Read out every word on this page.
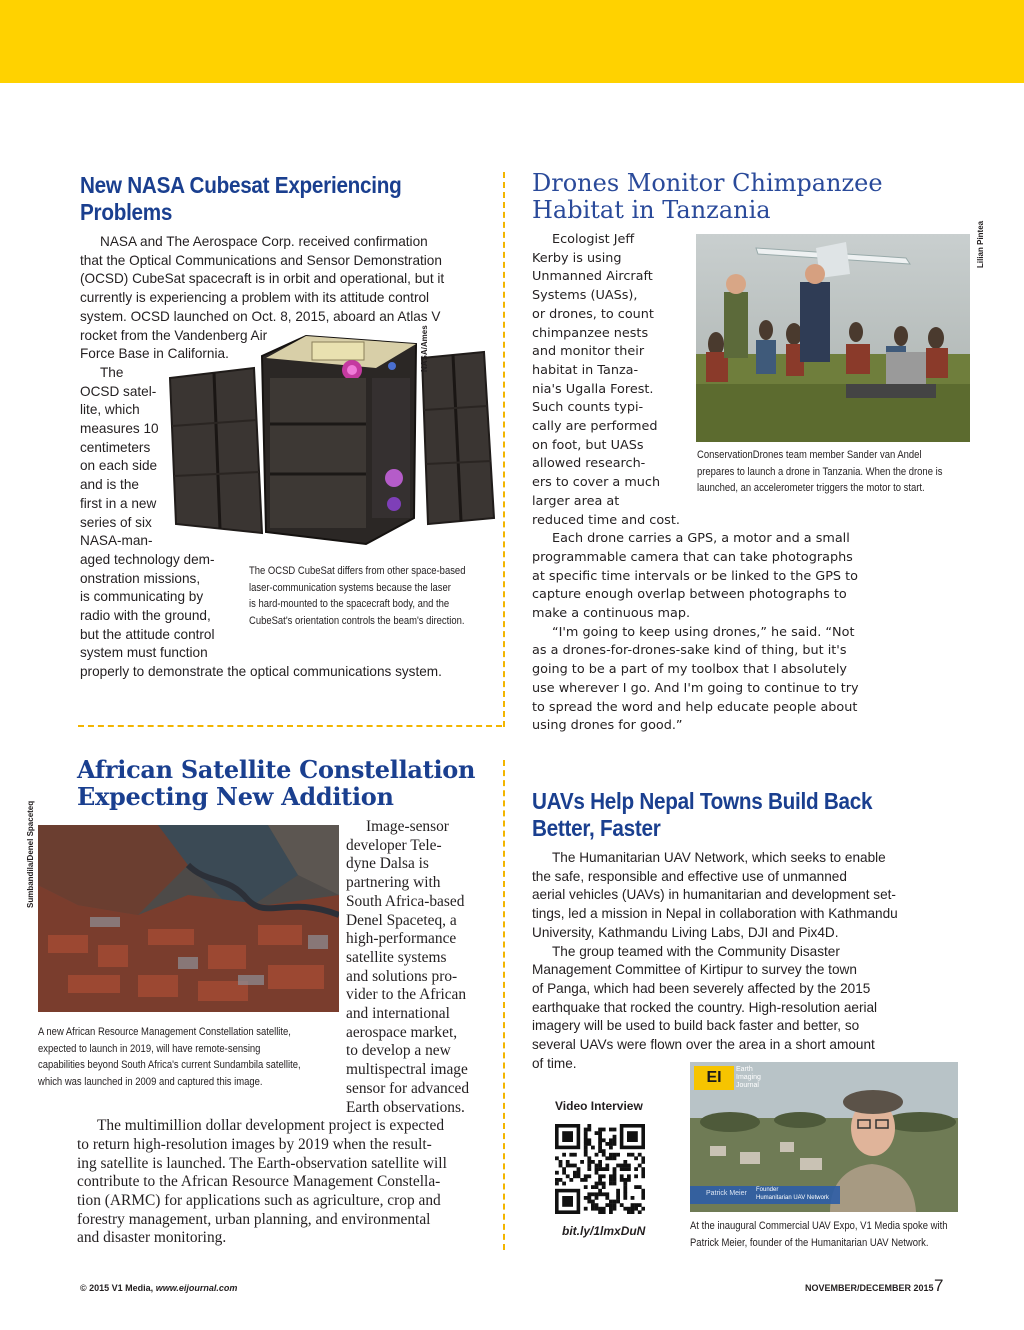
New NASA Cubesat Experiencing
Problems
NASA and The Aerospace Corp. received confirmation
that the Optical Communications and Sensor Demonstration
(OCSD) CubeSat spacecraft is in orbit and operational, but it
currently is experiencing a problem with its attitude control
system. OCSD launched on Oct. 8, 2015, aboard an Atlas V
rocket from the Vandenberg Air
Force Base in California.
The
OCSD satel-
lite, which
measures 10
centimeters
on each side
and is the
first in a new
series of six
NASA-man-
aged technology dem-
onstration missions,
is communicating by
radio with the ground,
but the attitude control
system must function
properly to demonstrate the optical communications system.
NASA/Ames
The OCSD CubeSat differs from other space-based
laser-communication systems because the laser
is hard-mounted to the spacecraft body, and the
CubeSat's orientation controls the beam's direction.
Drones Monitor Chimpanzee
Habitat in Tanzania
Ecologist Jeff
Kerby is using
Unmanned Aircraft
Systems (UASs),
or drones, to count
chimpanzee nests
and monitor their
habitat in Tanza-
nia's Ugalla Forest.
Such counts typi-
cally are performed
on foot, but UASs
allowed research-
ers to cover a much
larger area at
reduced time and cost.
Each drone carries a GPS, a motor and a small
programmable camera that can take photographs
at specific time intervals or be linked to the GPS to
capture enough overlap between photographs to
make a continuous map.
“I'm going to keep using drones,” he said. “Not
as a drones-for-drones-sake kind of thing, but it's
going to be a part of my toolbox that I absolutely
use wherever I go. And I'm going to continue to try
to spread the word and help educate people about
using drones for good.”
Lilian Pintea
ConservationDrones team member Sander van Andel
prepares to launch a drone in Tanzania. When the drone is
launched, an accelerometer triggers the motor to start.
African Satellite Constellation
Expecting New Addition
Image-sensor
developer Tele-
dyne Dalsa is
partnering with
South Africa-based
Denel Spaceteq, a
high-performance
satellite systems
and solutions pro-
vider to the African
and international
aerospace market,
to develop a new
multispectral image
sensor for advanced
Earth observations.
The multimillion dollar development project is expected
to return high-resolution images by 2019 when the result-
ing satellite is launched. The Earth-observation satellite will
contribute to the African Resource Management Constella-
tion (ARMC) for applications such as agriculture, crop and
forestry management, urban planning, and environmental
and disaster monitoring.
Sumbandila/Denel Spaceteq
A new African Resource Management Constellation satellite,
expected to launch in 2019, will have remote-sensing
capabilities beyond South Africa's current Sundambila satellite,
which was launched in 2009 and captured this image.
UAVs Help Nepal Towns Build Back
Better, Faster
The Humanitarian UAV Network, which seeks to enable
the safe, responsible and effective use of unmanned
aerial vehicles (UAVs) in humanitarian and development set-
tings, led a mission in Nepal in collaboration with Kathmandu
University, Kathmandu Living Labs, DJI and Pix4D.
The group teamed with the Community Disaster
Management Committee of Kirtipur to survey the town
of Panga, which had been severely affected by the 2015
earthquake that rocked the country. High-resolution aerial
imagery will be used to build back faster and better, so
several UAVs were flown over the area in a short amount
of time.
Video Interview
bit.ly/1lmxDuN
EI	Earth
Imaging
Journal
Patrick Meier Founder
Humanitarian UAV Network
At the inaugural Commercial UAV Expo, V1 Media spoke with
Patrick Meier, founder of the Humanitarian UAV Network.
© 2015 V1 Media, www.eijournal.com	NOVEMBER/DECEMBER 2015 7
